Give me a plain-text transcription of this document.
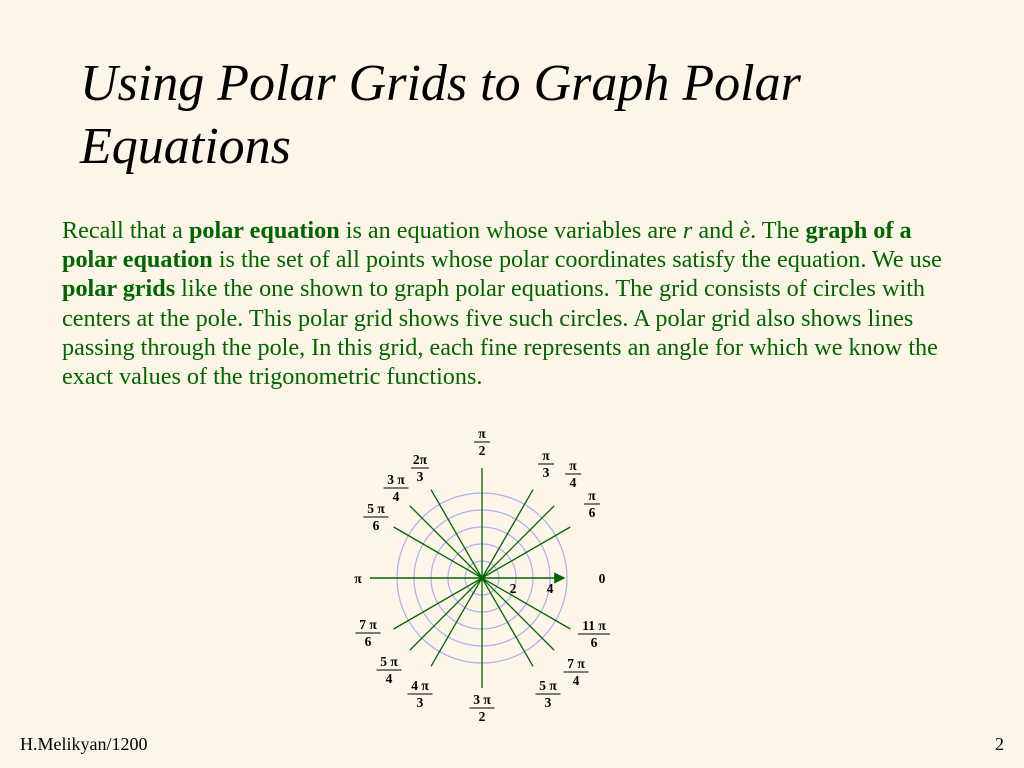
Using Polar Grids to Graph Polar Equations

Recall that a polar equation is an equation whose variables are r and è. The graph of a polar equation is the set of all points whose polar coordinates satisfy the equation. We use polar grids like the one shown to graph polar equations. The grid consists of circles with centers at the pole. This polar grid shows five such circles. A polar grid also shows lines passing through the pole, In this grid, each fine represents an angle for which we know the exact values of the trigonometric functions.

π
2
2π
3
π
3
3 π
4
π
4
5 π
6
π
6
π	0
7 π
6
11 π
6
5 π
4
7 π
4
4 π
3
5 π
3
3 π
2
2 4
H.Melikyan/1200	2
